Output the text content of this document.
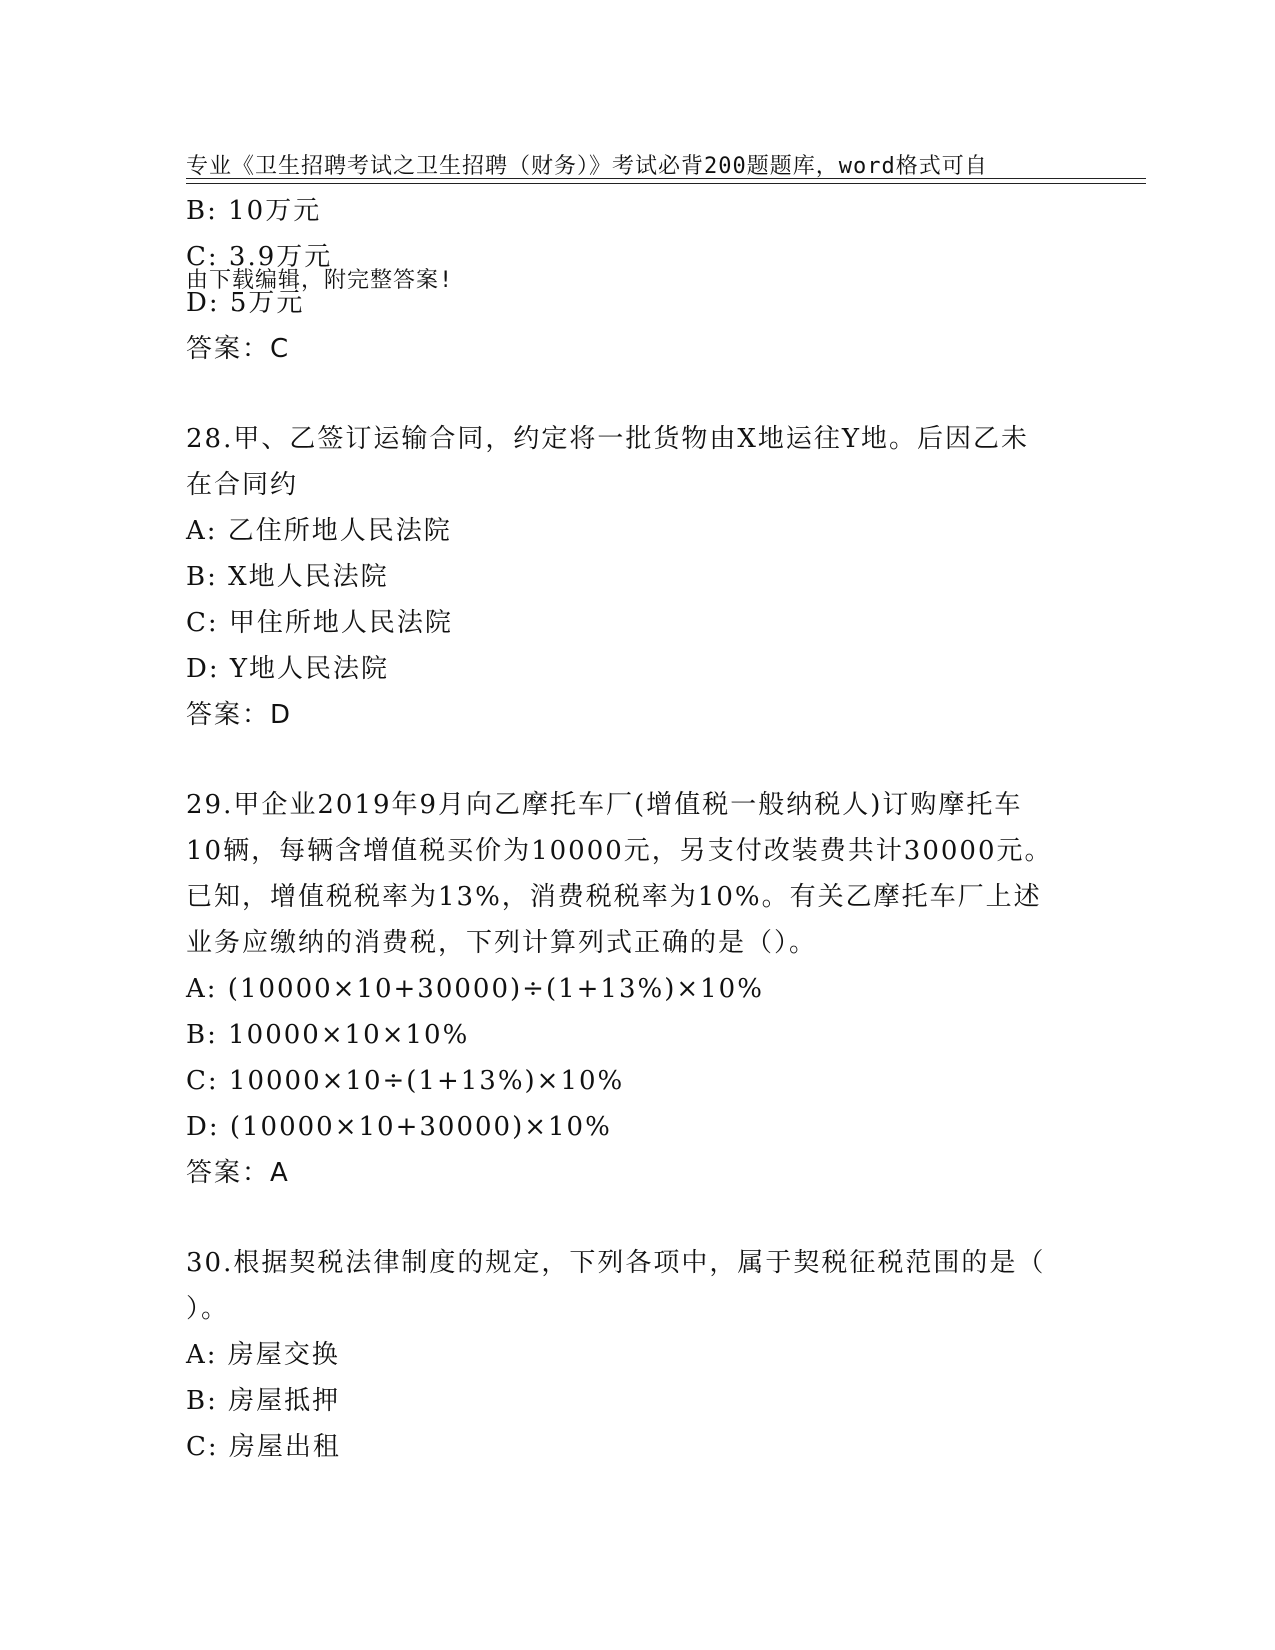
专业《卫生招聘考试之卫生招聘（财务）》考试必背200题题库，word格式可自

由下载编辑，附完整答案!

B: 10万元
C: 3.9万元
D: 5万元
答案：C
28.甲、乙签订运输合同，约定将一批货物由X地运往Y地。后因乙未
在合同约
A: 乙住所地人民法院
B: X地人民法院
C: 甲住所地人民法院
D: Y地人民法院
答案：D
29.甲企业2019年9月向乙摩托车厂(增值税一般纳税人)订购摩托车
10辆，每辆含增值税买价为10000元，另支付改装费共计30000元。
已知，增值税税率为13%，消费税税率为10%。有关乙摩托车厂上述
业务应缴纳的消费税，下列计算列式正确的是（）。
A: (10000×10+30000)÷(1+13%)×10%
B: 10000×10×10%
C: 10000×10÷(1+13%)×10%
D: (10000×10+30000)×10%
答案：A
30.根据契税法律制度的规定，下列各项中，属于契税征税范围的是（
）。
A: 房屋交换
B: 房屋抵押
C: 房屋出租
